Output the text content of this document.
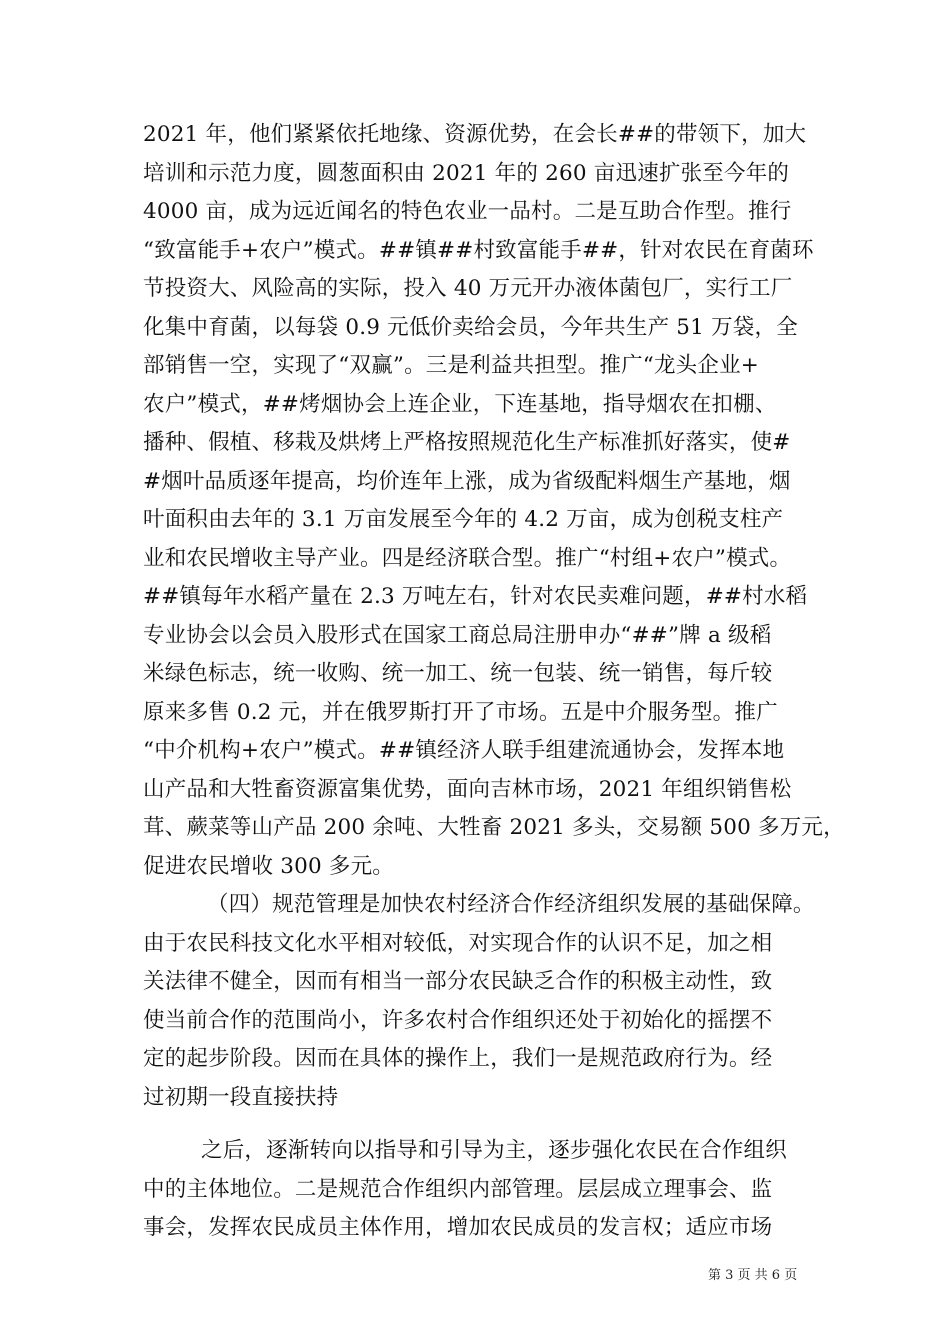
2021 年，他们紧紧依托地缘、资源优势，在会长##的带领下，加大
培训和示范力度，圆葱面积由 2021 年的 260 亩迅速扩张至今年的
4000 亩，成为远近闻名的特色农业一品村。二是互助合作型。推行
“致富能手+农户”模式。##镇##村致富能手##，针对农民在育菌环
节投资大、风险高的实际，投入 40 万元开办液体菌包厂，实行工厂
化集中育菌，以每袋 0.9 元低价卖给会员，今年共生产 51 万袋，全
部销售一空，实现了“双赢”。三是利益共担型。推广“龙头企业+
农户”模式，##烤烟协会上连企业，下连基地，指导烟农在扣棚、
播种、假植、移栽及烘烤上严格按照规范化生产标准抓好落实，使#
#烟叶品质逐年提高，均价连年上涨，成为省级配料烟生产基地，烟
叶面积由去年的 3.1 万亩发展至今年的 4.2 万亩，成为创税支柱产
业和农民增收主导产业。四是经济联合型。推广“村组+农户”模式。
##镇每年水稻产量在 2.3 万吨左右，针对农民卖难问题，##村水稻
专业协会以会员入股形式在国家工商总局注册申办“##”牌 a 级稻
米绿色标志，统一收购、统一加工、统一包装、统一销售，每斤较
原来多售 0.2 元，并在俄罗斯打开了市场。五是中介服务型。推广
“中介机构+农户”模式。##镇经济人联手组建流通协会，发挥本地
山产品和大牲畜资源富集优势，面向吉林市场，2021 年组织销售松
茸、蕨菜等山产品 200 余吨、大牲畜 2021 多头，交易额 500 多万元，
促进农民增收 300 多元。
（四）规范管理是加快农村经济合作经济组织发展的基础保障。
由于农民科技文化水平相对较低，对实现合作的认识不足，加之相
关法律不健全，因而有相当一部分农民缺乏合作的积极主动性，致
使当前合作的范围尚小，许多农村合作组织还处于初始化的摇摆不
定的起步阶段。因而在具体的操作上，我们一是规范政府行为。经
过初期一段直接扶持
之后，逐渐转向以指导和引导为主，逐步强化农民在合作组织
中的主体地位。二是规范合作组织内部管理。层层成立理事会、监
事会，发挥农民成员主体作用，增加农民成员的发言权；适应市场
第 3 页 共 6 页
